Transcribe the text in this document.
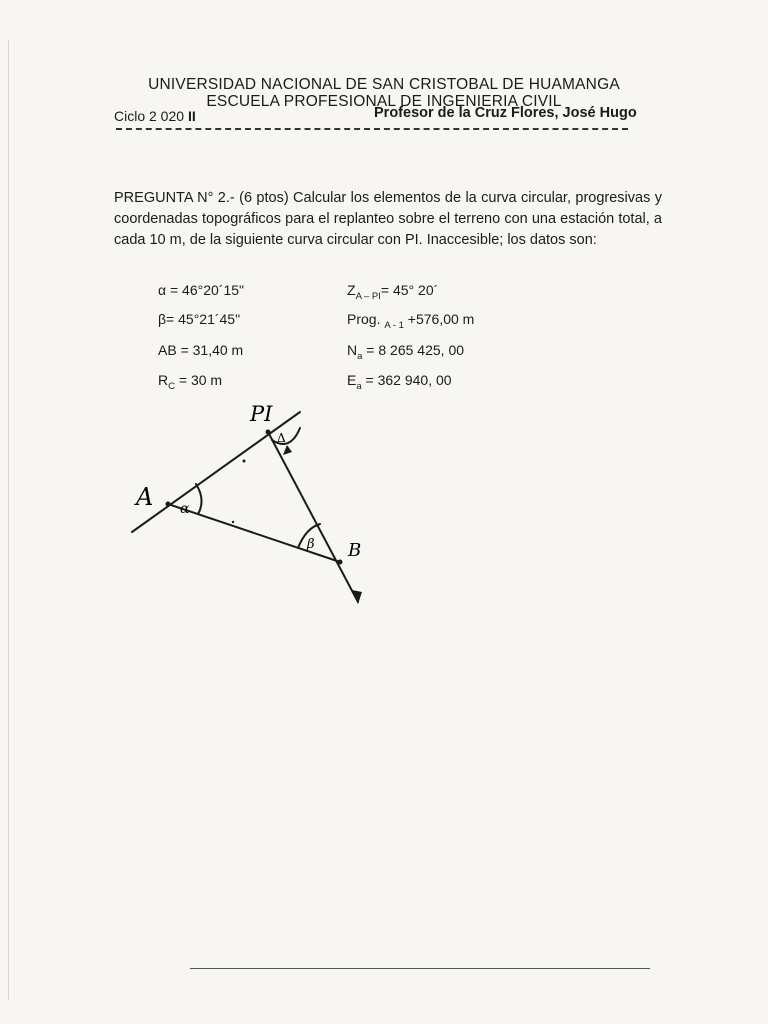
UNIVERSIDAD NACIONAL DE SAN CRISTOBAL DE HUAMANGA
ESCUELA PROFESIONAL DE INGENIERIA CIVIL
Ciclo 2 020 II	Profesor de la Cruz Flores, José Hugo
PREGUNTA N° 2.- (6 ptos) Calcular los elementos de la curva circular, progresivas y coordenadas topográficos para el replanteo sobre el terreno con una estación total, a cada 10 m, de la siguiente curva circular con PI. Inaccesible; los datos son:
α = 46°20´15"
β= 45°21´45"
AB = 31,40 m
$R_C = 30$ m
$Z_{A - PI}= 45^\circ$ 20´
Prog. $_{A - 1}$ +576,00 m
$N_a = 8$ 265 425, 00
$E_a = 362$ 940, 00
PI
A
B
α
β
Δ
